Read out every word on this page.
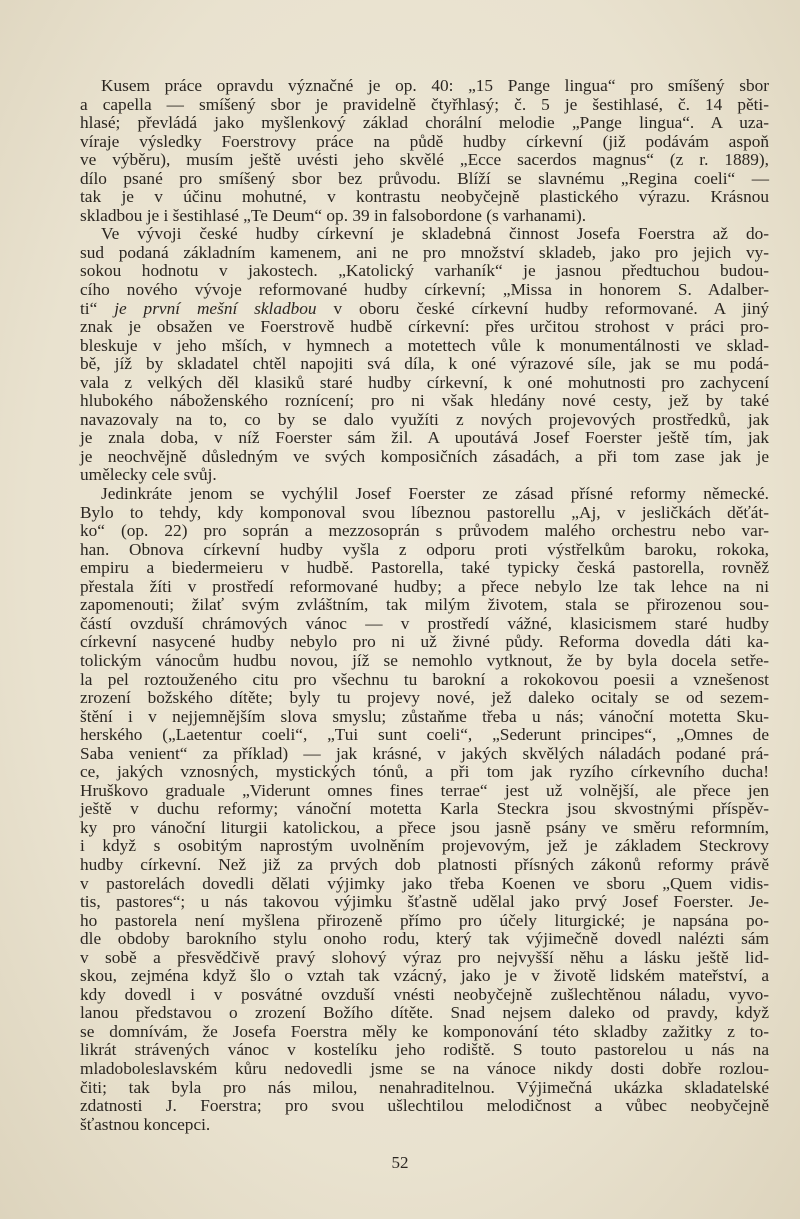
Kusem práce opravdu význačné je op. 40: „15 Pange lingua“ pro smíšený sbor
a capella — smíšený sbor je pravidelně čtyřhlasý; č. 5 je šestihlasé, č. 14 pěti-
hlasé; převládá jako myšlenkový základ chorální melodie „Pange lingua“. A uza-
víraje výsledky Foerstrovy práce na půdě hudby církevní (již podávám aspoň
ve výběru), musím ještě uvésti jeho skvělé „Ecce sacerdos magnus“ (z r. 1889),
dílo psané pro smíšený sbor bez průvodu. Blíží se slavnému „Regina coeli“ —
tak je v účinu mohutné, v kontrastu neobyčejně plastického výrazu. Krásnou
skladbou je i šestihlasé „Te Deum“ op. 39 in falsobordone (s varhanami).
Ve vývoji české hudby církevní je skladebná činnost Josefa Foerstra až do-
sud podaná základním kamenem, ani ne pro množství skladeb, jako pro jejich vy-
sokou hodnotu v jakostech. „Katolický varhaník“ je jasnou předtuchou budou-
cího nového vývoje reformované hudby církevní; „Missa in honorem S. Adalber-
ti“ je první mešní skladbou v oboru české církevní hudby reformované. A jiný
znak je obsažen ve Foerstrově hudbě církevní: přes určitou strohost v práci pro-
bleskuje v jeho mších, v hymnech a motettech vůle k monumentálnosti ve sklad-
bě, jíž by skladatel chtěl napojiti svá díla, k oné výrazové síle, jak se mu podá-
vala z velkých děl klasiků staré hudby církevní, k oné mohutnosti pro zachycení
hlubokého náboženského roznícení; pro ni však hledány nové cesty, jež by také
navazovaly na to, co by se dalo využíti z nových projevových prostředků, jak
je znala doba, v níž Foerster sám žil. A upoutává Josef Foerster ještě tím, jak
je neochvějně důsledným ve svých komposičních zásadách, a při tom zase jak je
umělecky cele svůj.
Jedinkráte jenom se vychýlil Josef Foerster ze zásad přísné reformy německé.
Bylo to tehdy, kdy komponoval svou líbeznou pastorellu „Aj, v jesličkách děťát-
ko“ (op. 22) pro soprán a mezzosoprán s průvodem malého orchestru nebo var-
han. Obnova církevní hudby vyšla z odporu proti výstřelkům baroku, rokoka,
empiru a biedermeieru v hudbě. Pastorella, také typicky česká pastorella, rovněž
přestala žíti v prostředí reformované hudby; a přece nebylo lze tak lehce na ni
zapomenouti; žilať svým zvláštním, tak milým životem, stala se přirozenou sou-
částí ovzduší chrámových vánoc — v prostředí vážné, klasicismem staré hudby
církevní nasycené hudby nebylo pro ni už živné půdy. Reforma dovedla dáti ka-
tolickým vánocům hudbu novou, jíž se nemohlo vytknout, že by byla docela setře-
la pel roztouženého citu pro všechnu tu barokní a rokokovou poesii a vznešenost
zrození božského dítěte; byly tu projevy nové, jež daleko ocitaly se od sezem-
štění i v nejjemnějším slova smyslu; zůstaňme třeba u nás; vánoční motetta Sku-
herského („Laetentur coeli“, „Tui sunt coeli“, „Sederunt principes“, „Omnes de
Saba venient“ za příklad) — jak krásné, v jakých skvělých náladách podané prá-
ce, jakých vznosných, mystických tónů, a při tom jak ryzího církevního ducha!
Hruškovo graduale „Viderunt omnes fines terrae“ jest už volnější, ale přece jen
ještě v duchu reformy; vánoční motetta Karla Steckra jsou skvostnými příspěv-
ky pro vánoční liturgii katolickou, a přece jsou jasně psány ve směru reformním,
i když s osobitým naprostým uvolněním projevovým, jež je základem Steckrovy
hudby církevní. Než již za prvých dob platnosti přísných zákonů reformy právě
v pastorelách dovedli dělati výjimky jako třeba Koenen ve sboru „Quem vidis-
tis, pastores“; u nás takovou výjimku šťastně udělal jako prvý Josef Foerster. Je-
ho pastorela není myšlena přirozeně přímo pro účely liturgické; je napsána po-
dle obdoby barokního stylu onoho rodu, který tak výjimečně dovedl nalézti sám
v sobě a přesvědčivě pravý slohový výraz pro nejvyšší něhu a lásku ještě lid-
skou, zejména když šlo o vztah tak vzácný, jako je v životě lidském mateřství, a
kdy dovedl i v posvátné ovzduší vnésti neobyčejně zušlechtěnou náladu, vyvo-
lanou představou o zrození Božího dítěte. Snad nejsem daleko od pravdy, když
se domnívám, že Josefa Foerstra měly ke komponování této skladby zažitky z to-
likrát strávených vánoc v kostelíku jeho rodiště. S touto pastorelou u nás na
mladoboleslavském kůru nedovedli jsme se na vánoce nikdy dosti dobře rozlou-
čiti; tak byla pro nás milou, nenahraditelnou. Výjimečná ukázka skladatelské
zdatnosti J. Foerstra; pro svou ušlechtilou melodičnost a vůbec neobyčejně
šťastnou koncepci.
52
